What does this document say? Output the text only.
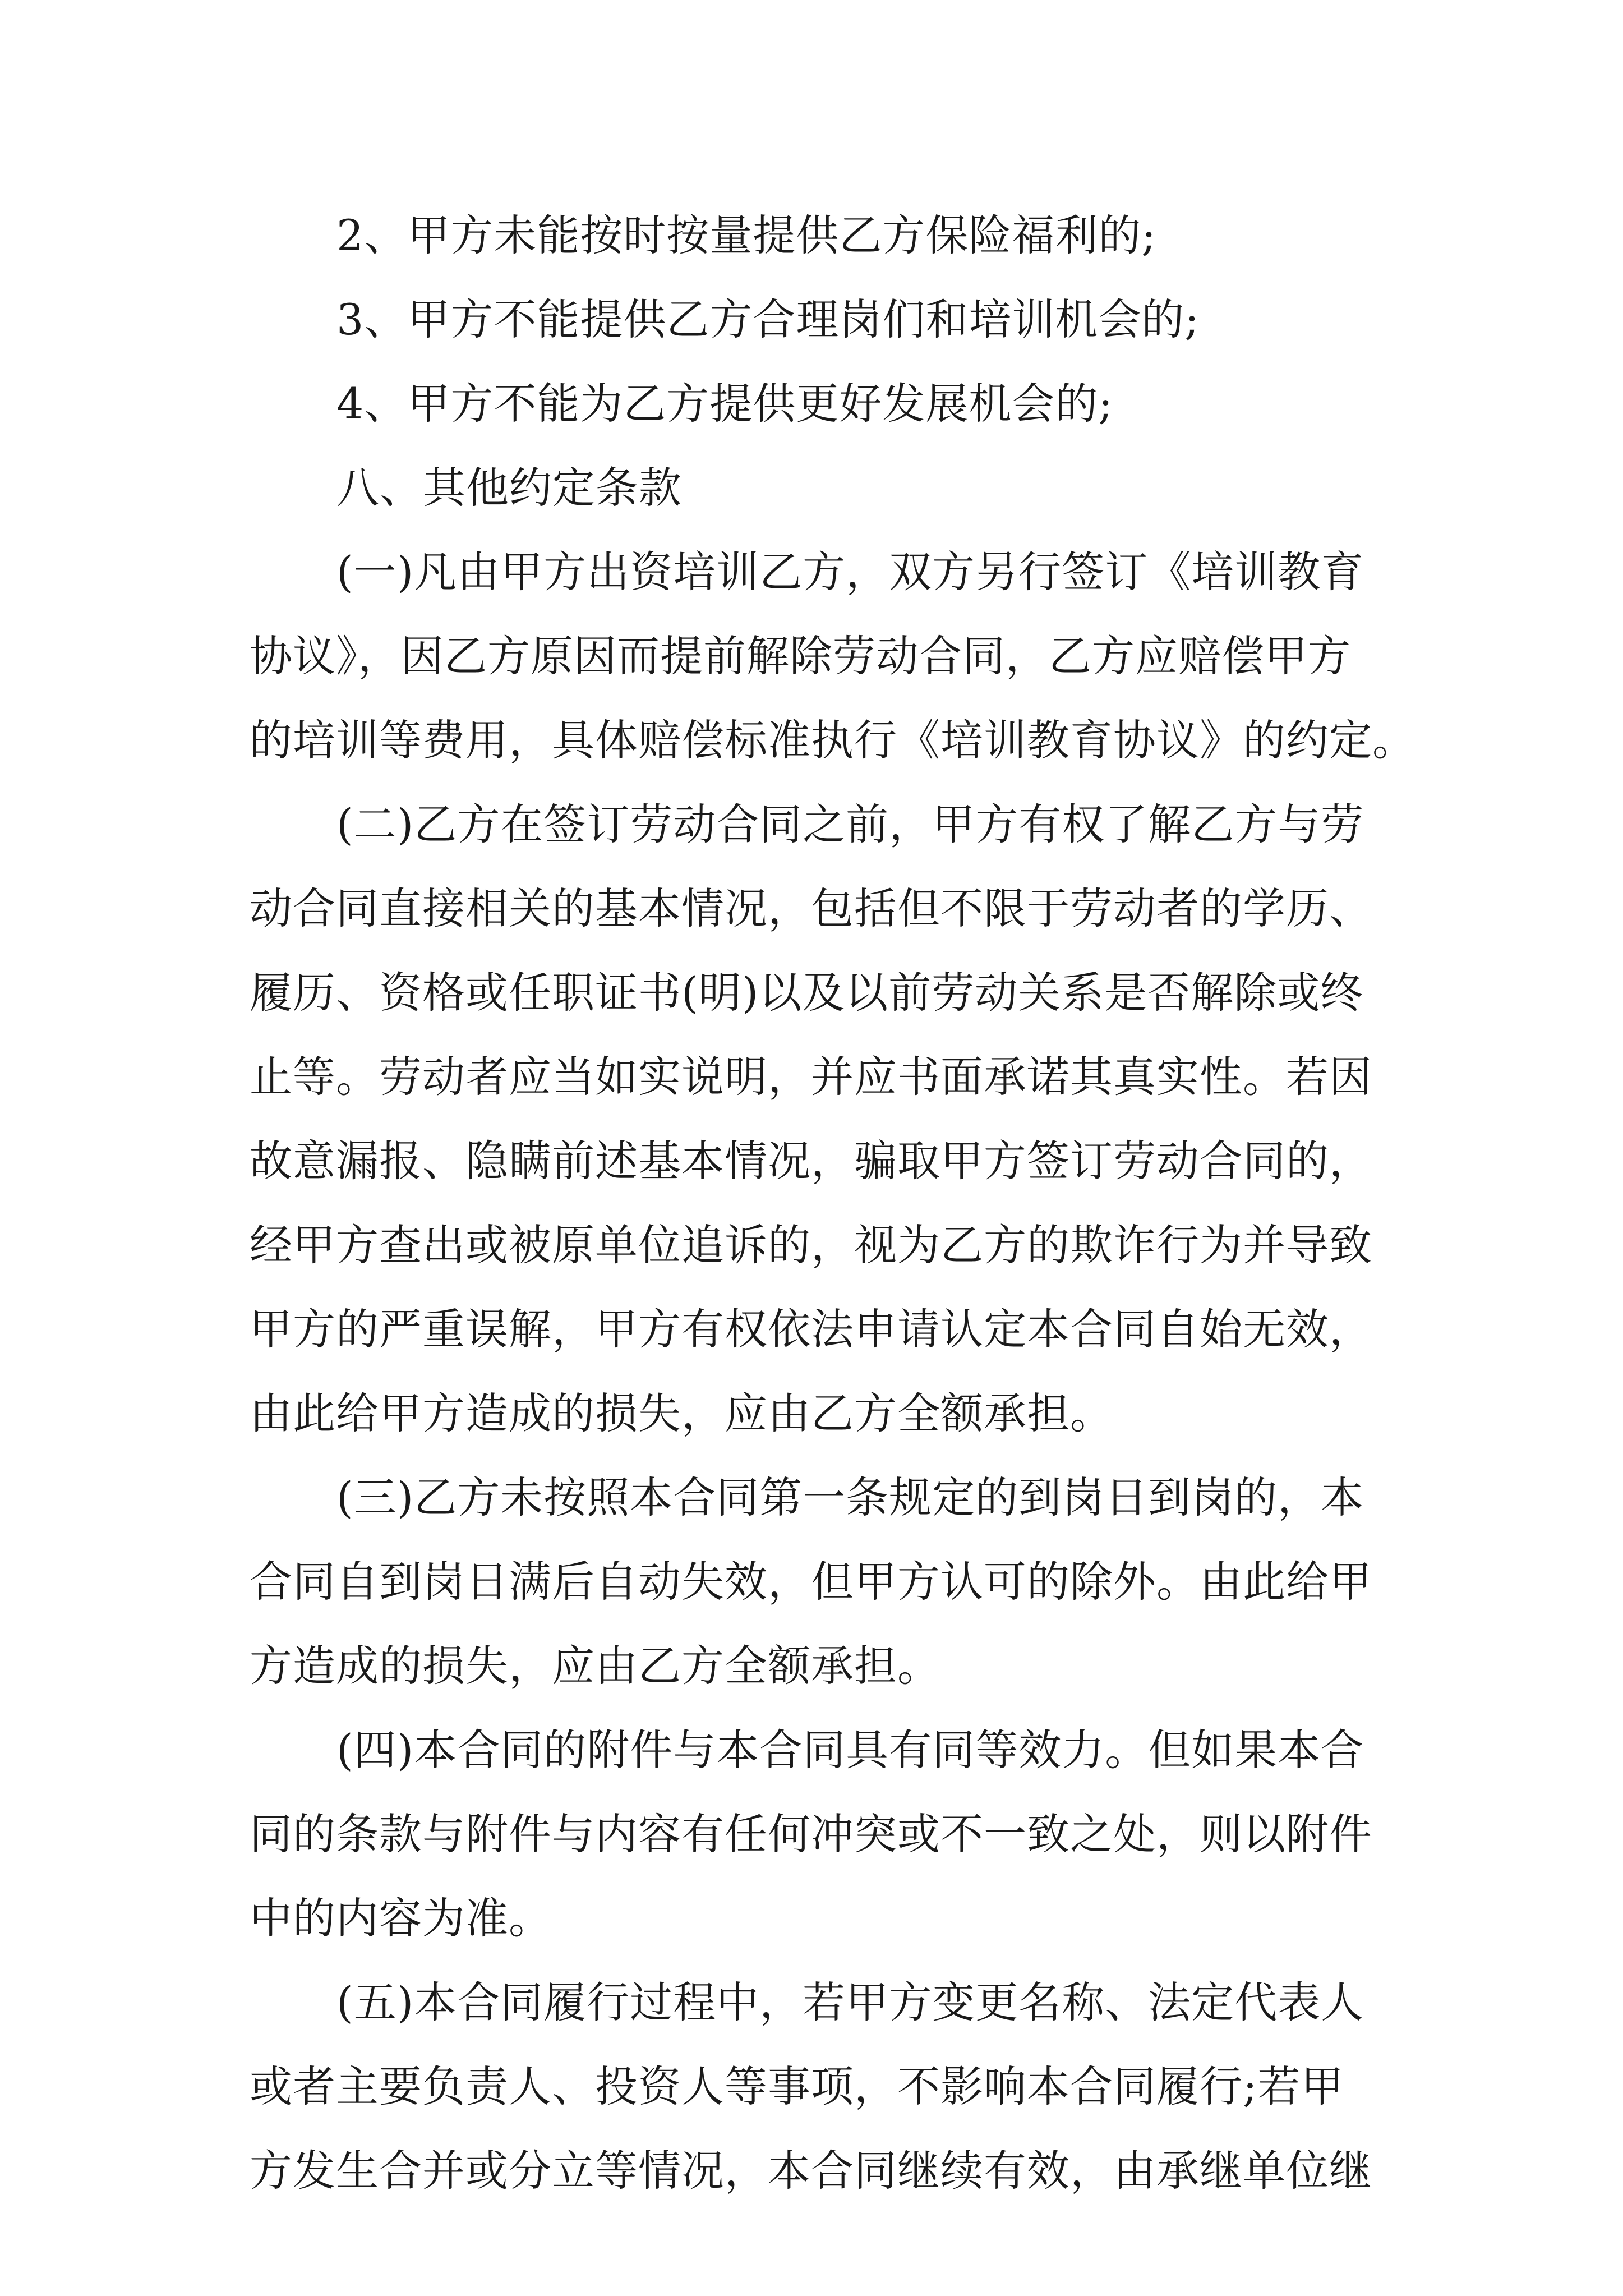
2、甲方未能按时按量提供乙方保险福利的;
3、甲方不能提供乙方合理岗们和培训机会的;
4、甲方不能为乙方提供更好发展机会的;
八、其他约定条款
(一)凡由甲方出资培训乙方，双方另行签订《培训教育
协议》，因乙方原因而提前解除劳动合同，乙方应赔偿甲方
的培训等费用，具体赔偿标准执行《培训教育协议》的约定。
(二)乙方在签订劳动合同之前，甲方有权了解乙方与劳
动合同直接相关的基本情况，包括但不限于劳动者的学历、
履历、资格或任职证书(明)以及以前劳动关系是否解除或终
止等。劳动者应当如实说明，并应书面承诺其真实性。若因
故意漏报、隐瞒前述基本情况，骗取甲方签订劳动合同的，
经甲方查出或被原单位追诉的，视为乙方的欺诈行为并导致
甲方的严重误解，甲方有权依法申请认定本合同自始无效，
由此给甲方造成的损失，应由乙方全额承担。
(三)乙方未按照本合同第一条规定的到岗日到岗的，本
合同自到岗日满后自动失效，但甲方认可的除外。由此给甲
方造成的损失，应由乙方全额承担。
(四)本合同的附件与本合同具有同等效力。但如果本合
同的条款与附件与内容有任何冲突或不一致之处，则以附件
中的内容为准。
(五)本合同履行过程中，若甲方变更名称、法定代表人
或者主要负责人、投资人等事项，不影响本合同履行;若甲
方发生合并或分立等情况，本合同继续有效，由承继单位继
